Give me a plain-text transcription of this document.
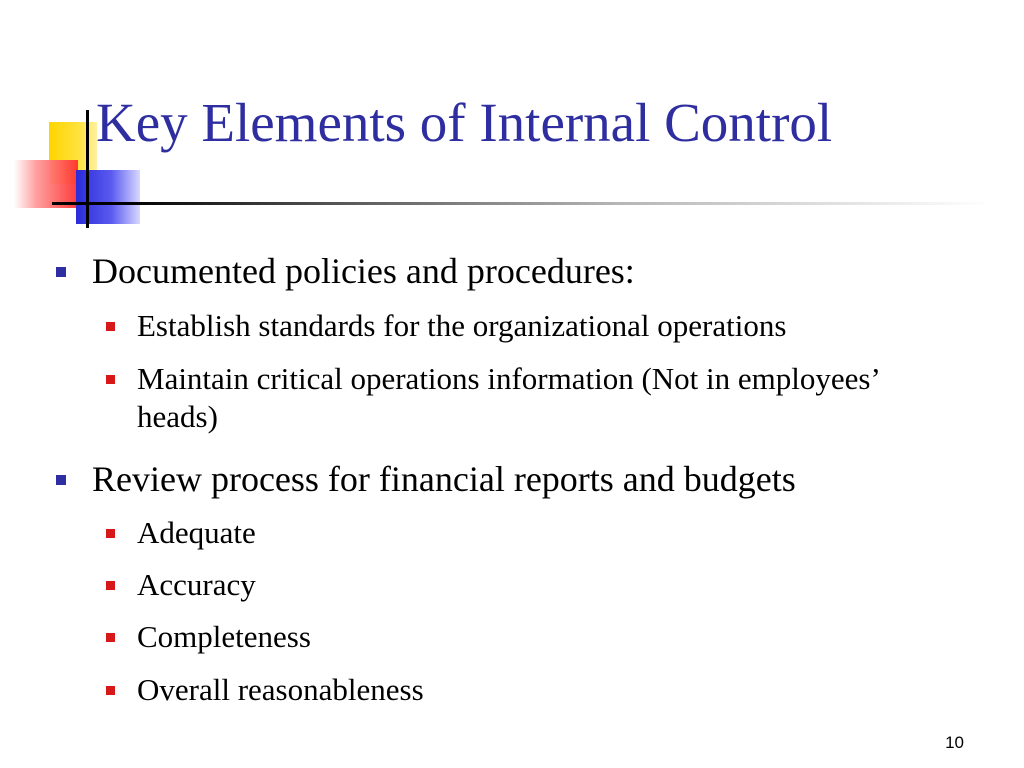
Key Elements of Internal Control
Documented policies and procedures:
Establish standards for the organizational operations
Maintain critical operations information (Not in employees’ heads)
Review process for financial reports and budgets
Adequate
Accuracy
Completeness
Overall reasonableness
10
